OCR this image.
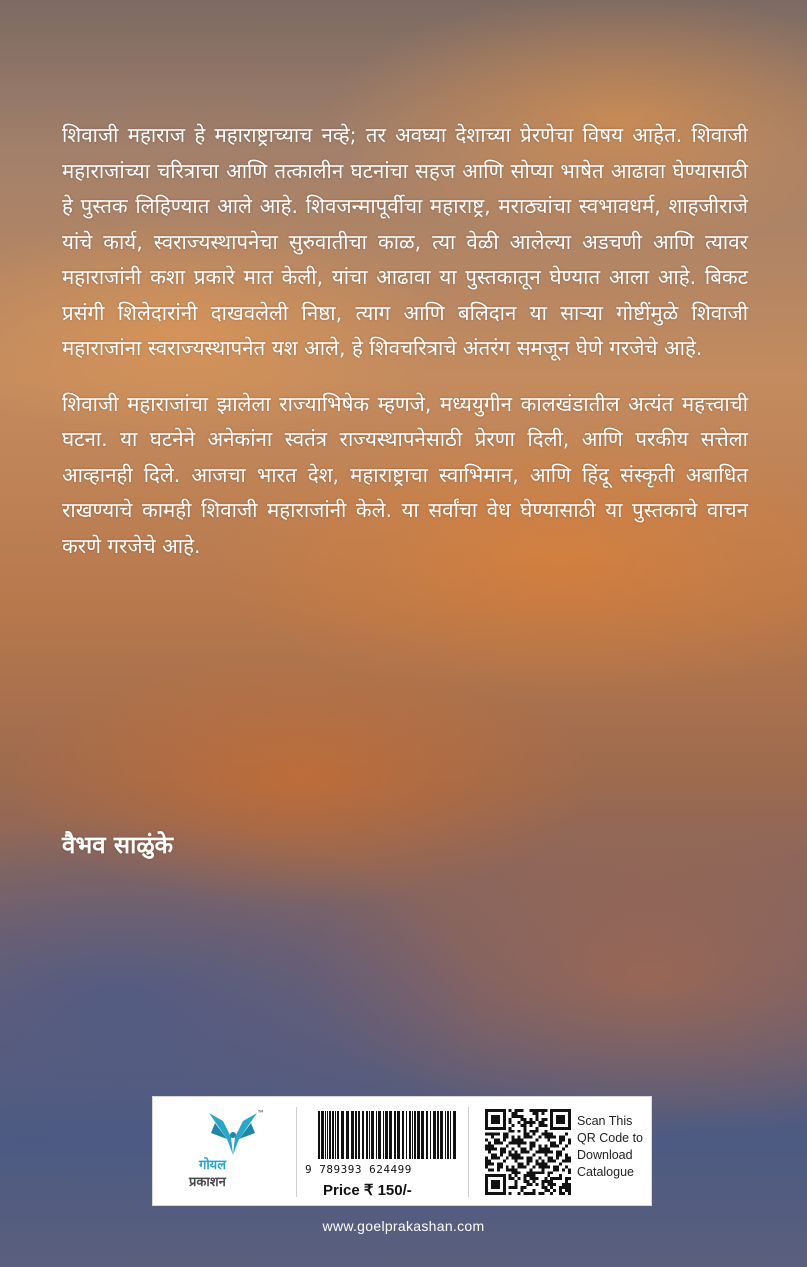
शिवाजी महाराज हे महाराष्ट्राच्याच नव्हे; तर अवघ्या देशाच्या प्रेरणेचा विषय आहेत. शिवाजी महाराजांच्या चरित्राचा आणि तत्कालीन घटनांचा सहज आणि सोप्या भाषेत आढावा घेण्यासाठी हे पुस्तक लिहिण्यात आले आहे. शिवजन्मापूर्वीचा महाराष्ट्र, मराठ्यांचा स्वभावधर्म, शाहजीराजे यांचे कार्य, स्वराज्यस्थापनेचा सुरुवातीचा काळ, त्या वेळी आलेल्या अडचणी आणि त्यावर महाराजांनी कशा प्रकारे मात केली, यांचा आढावा या पुस्तकातून घेण्यात आला आहे. बिकट प्रसंगी शिलेदारांनी दाखवलेली निष्ठा, त्याग आणि बलिदान या साऱ्या गोष्टींमुळे शिवाजी महाराजांना स्वराज्यस्थापनेत यश आले, हे शिवचरित्राचे अंतरंग समजून घेणे गरजेचे आहे.

शिवाजी महाराजांचा झालेला राज्याभिषेक म्हणजे, मध्ययुगीन कालखंडातील अत्यंत महत्त्वाची घटना. या घटनेने अनेकांना स्वतंत्र राज्यस्थापनेसाठी प्रेरणा दिली, आणि परकीय सत्तेला आव्हानही दिले. आजचा भारत देश, महाराष्ट्राचा स्वाभिमान, आणि हिंदू संस्कृती अबाधित राखण्याचे कामही शिवाजी महाराजांनी केले. या सर्वांचा वेध घेण्यासाठी या पुस्तकाचे वाचन करणे गरजेचे आहे.

वैभव साळुंके
™
गोयल
प्रकाशन
9 789393 624499
Price ₹ 150/-
Scan This QR Code to Download Catalogue
www.goelprakashan.com
